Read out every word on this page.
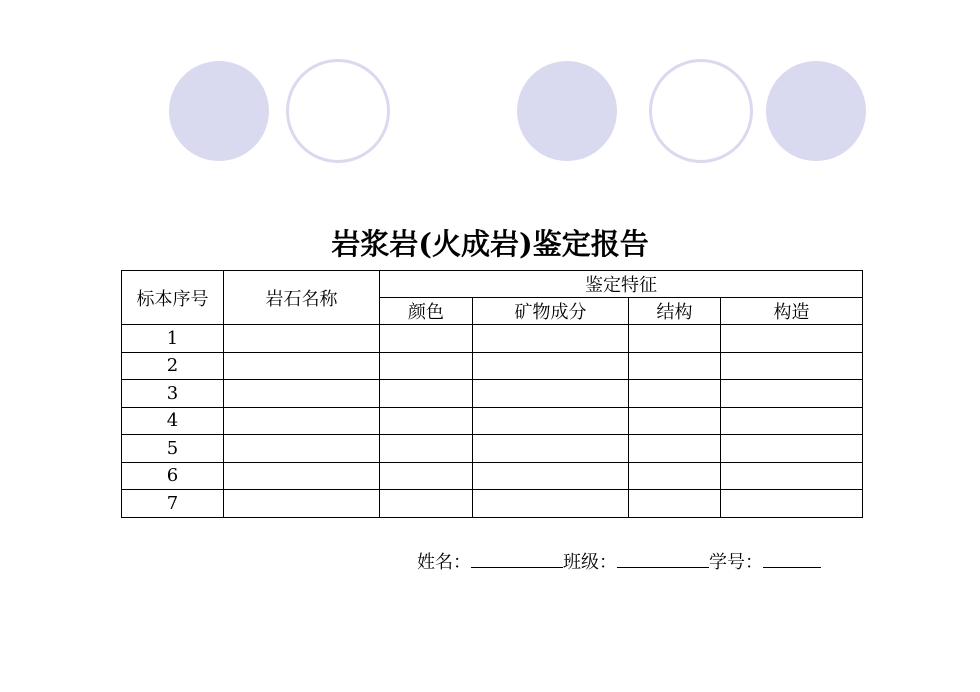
岩浆岩(火成岩)鉴定报告
标本序号	岩石名称	鉴定特征			
		颜色	矿物成分	结构	构造
1					
2					
3					
4					
5					
6					
7					
姓名：	班级：	学号：
